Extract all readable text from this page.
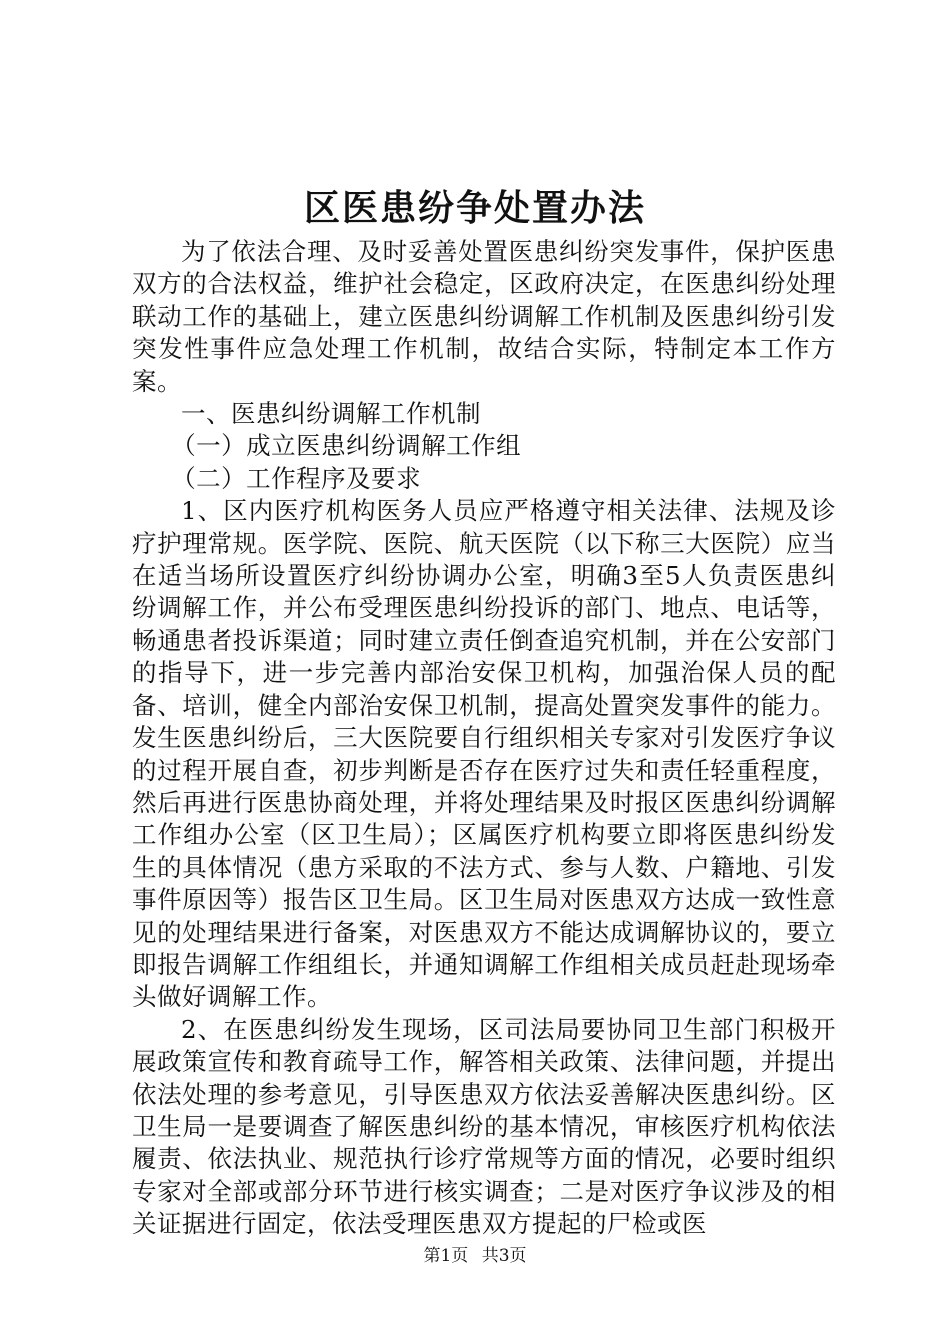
区医患纷争处置办法

为了依法合理、及时妥善处置医患纠纷突发事件，保护医患双方的合法权益，维护社会稳定，区政府决定，在医患纠纷处理联动工作的基础上，建立医患纠纷调解工作机制及医患纠纷引发突发性事件应急处理工作机制，故结合实际，特制定本工作方案。

一、医患纠纷调解工作机制

（一）成立医患纠纷调解工作组

（二）工作程序及要求

1、区内医疗机构医务人员应严格遵守相关法律、法规及诊疗护理常规。医学院、医院、航天医院（以下称三大医院）应当在适当场所设置医疗纠纷协调办公室，明确3至5人负责医患纠纷调解工作，并公布受理医患纠纷投诉的部门、地点、电话等，畅通患者投诉渠道；同时建立责任倒查追究机制，并在公安部门的指导下，进一步完善内部治安保卫机构，加强治保人员的配备、培训，健全内部治安保卫机制，提高处置突发事件的能力。发生医患纠纷后，三大医院要自行组织相关专家对引发医疗争议的过程开展自查，初步判断是否存在医疗过失和责任轻重程度，然后再进行医患协商处理，并将处理结果及时报区医患纠纷调解工作组办公室（区卫生局）；区属医疗机构要立即将医患纠纷发生的具体情况（患方采取的不法方式、参与人数、户籍地、引发事件原因等）报告区卫生局。区卫生局对医患双方达成一致性意见的处理结果进行备案，对医患双方不能达成调解协议的，要立即报告调解工作组组长，并通知调解工作组相关成员赶赴现场牵头做好调解工作。

2、在医患纠纷发生现场，区司法局要协同卫生部门积极开展政策宣传和教育疏导工作，解答相关政策、法律问题，并提出依法处理的参考意见，引导医患双方依法妥善解决医患纠纷。区卫生局一是要调查了解医患纠纷的基本情况，审核医疗机构依法履责、依法执业、规范执行诊疗常规等方面的情况，必要时组织专家对全部或部分环节进行核实调查；二是对医疗争议涉及的相关证据进行固定，依法受理医患双方提起的尸检或医

第1页 共3页
